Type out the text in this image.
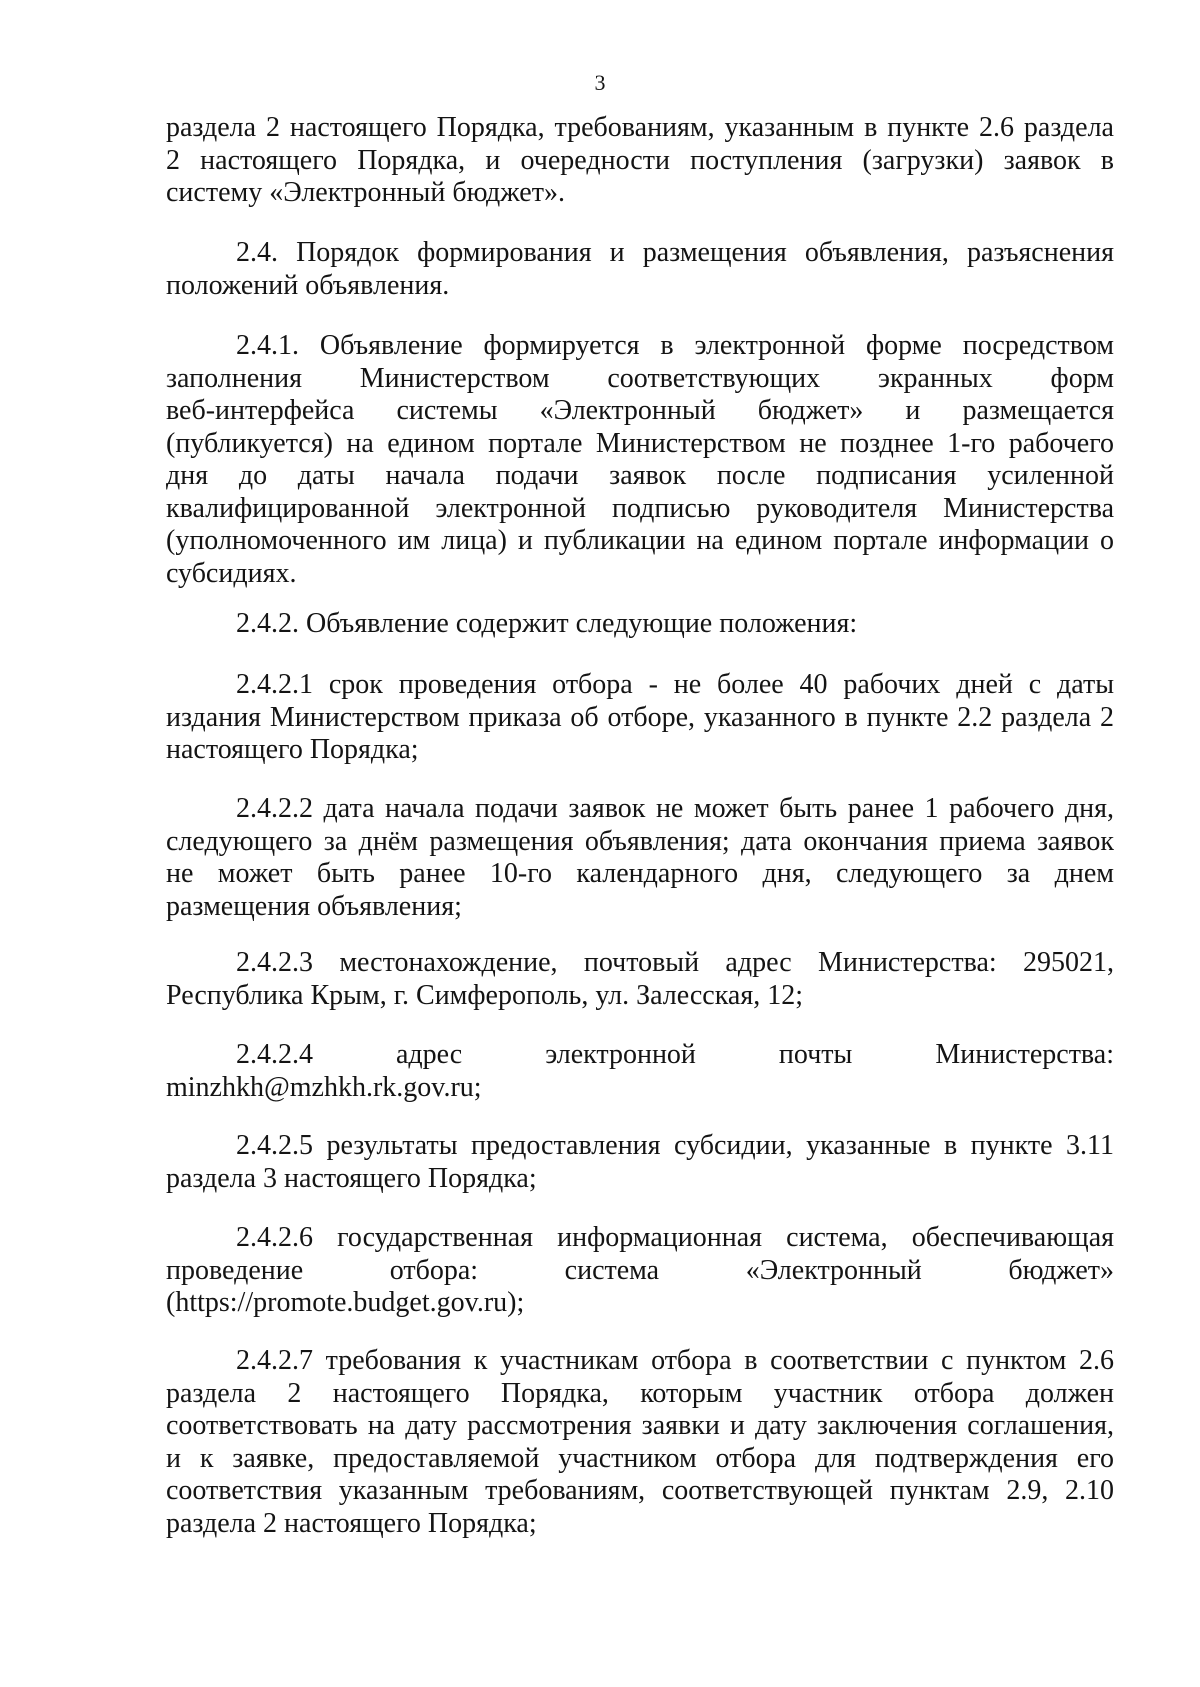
3
раздела 2 настоящего Порядка, требованиям, указанным в пункте 2.6 раздела
2 настоящего Порядка, и очередности поступления (загрузки) заявок в
систему «Электронный бюджет».
2.4. Порядок формирования и размещения объявления, разъяснения
положений объявления.
2.4.1. Объявление формируется в электронной форме посредством
заполнения Министерством соответствующих экранных форм
веб-интерфейса системы «Электронный бюджет» и размещается
(публикуется) на едином портале Министерством не позднее 1-го рабочего
дня до даты начала подачи заявок после подписания усиленной
квалифицированной электронной подписью руководителя Министерства
(уполномоченного им лица) и публикации на едином портале информации о
субсидиях.
2.4.2. Объявление содержит следующие положения:
2.4.2.1 срок проведения отбора - не более 40 рабочих дней с даты
издания Министерством приказа об отборе, указанного в пункте 2.2 раздела 2
настоящего Порядка;
2.4.2.2 дата начала подачи заявок не может быть ранее 1 рабочего дня,
следующего за днём размещения объявления; дата окончания приема заявок
не может быть ранее 10-го календарного дня, следующего за днем
размещения объявления;
2.4.2.3 местонахождение, почтовый адрес Министерства: 295021,
Республика Крым, г. Симферополь, ул. Залесская, 12;
2.4.2.4 адрес электронной почты Министерства:
minzhkh@mzhkh.rk.gov.ru;
2.4.2.5 результаты предоставления субсидии, указанные в пункте 3.11
раздела 3 настоящего Порядка;
2.4.2.6 государственная информационная система, обеспечивающая
проведение отбора: система «Электронный бюджет»
(https://promote.budget.gov.ru);
2.4.2.7 требования к участникам отбора в соответствии с пунктом 2.6
раздела 2 настоящего Порядка, которым участник отбора должен
соответствовать на дату рассмотрения заявки и дату заключения соглашения,
и к заявке, предоставляемой участником отбора для подтверждения его
соответствия указанным требованиям, соответствующей пунктам 2.9, 2.10
раздела 2 настоящего Порядка;
